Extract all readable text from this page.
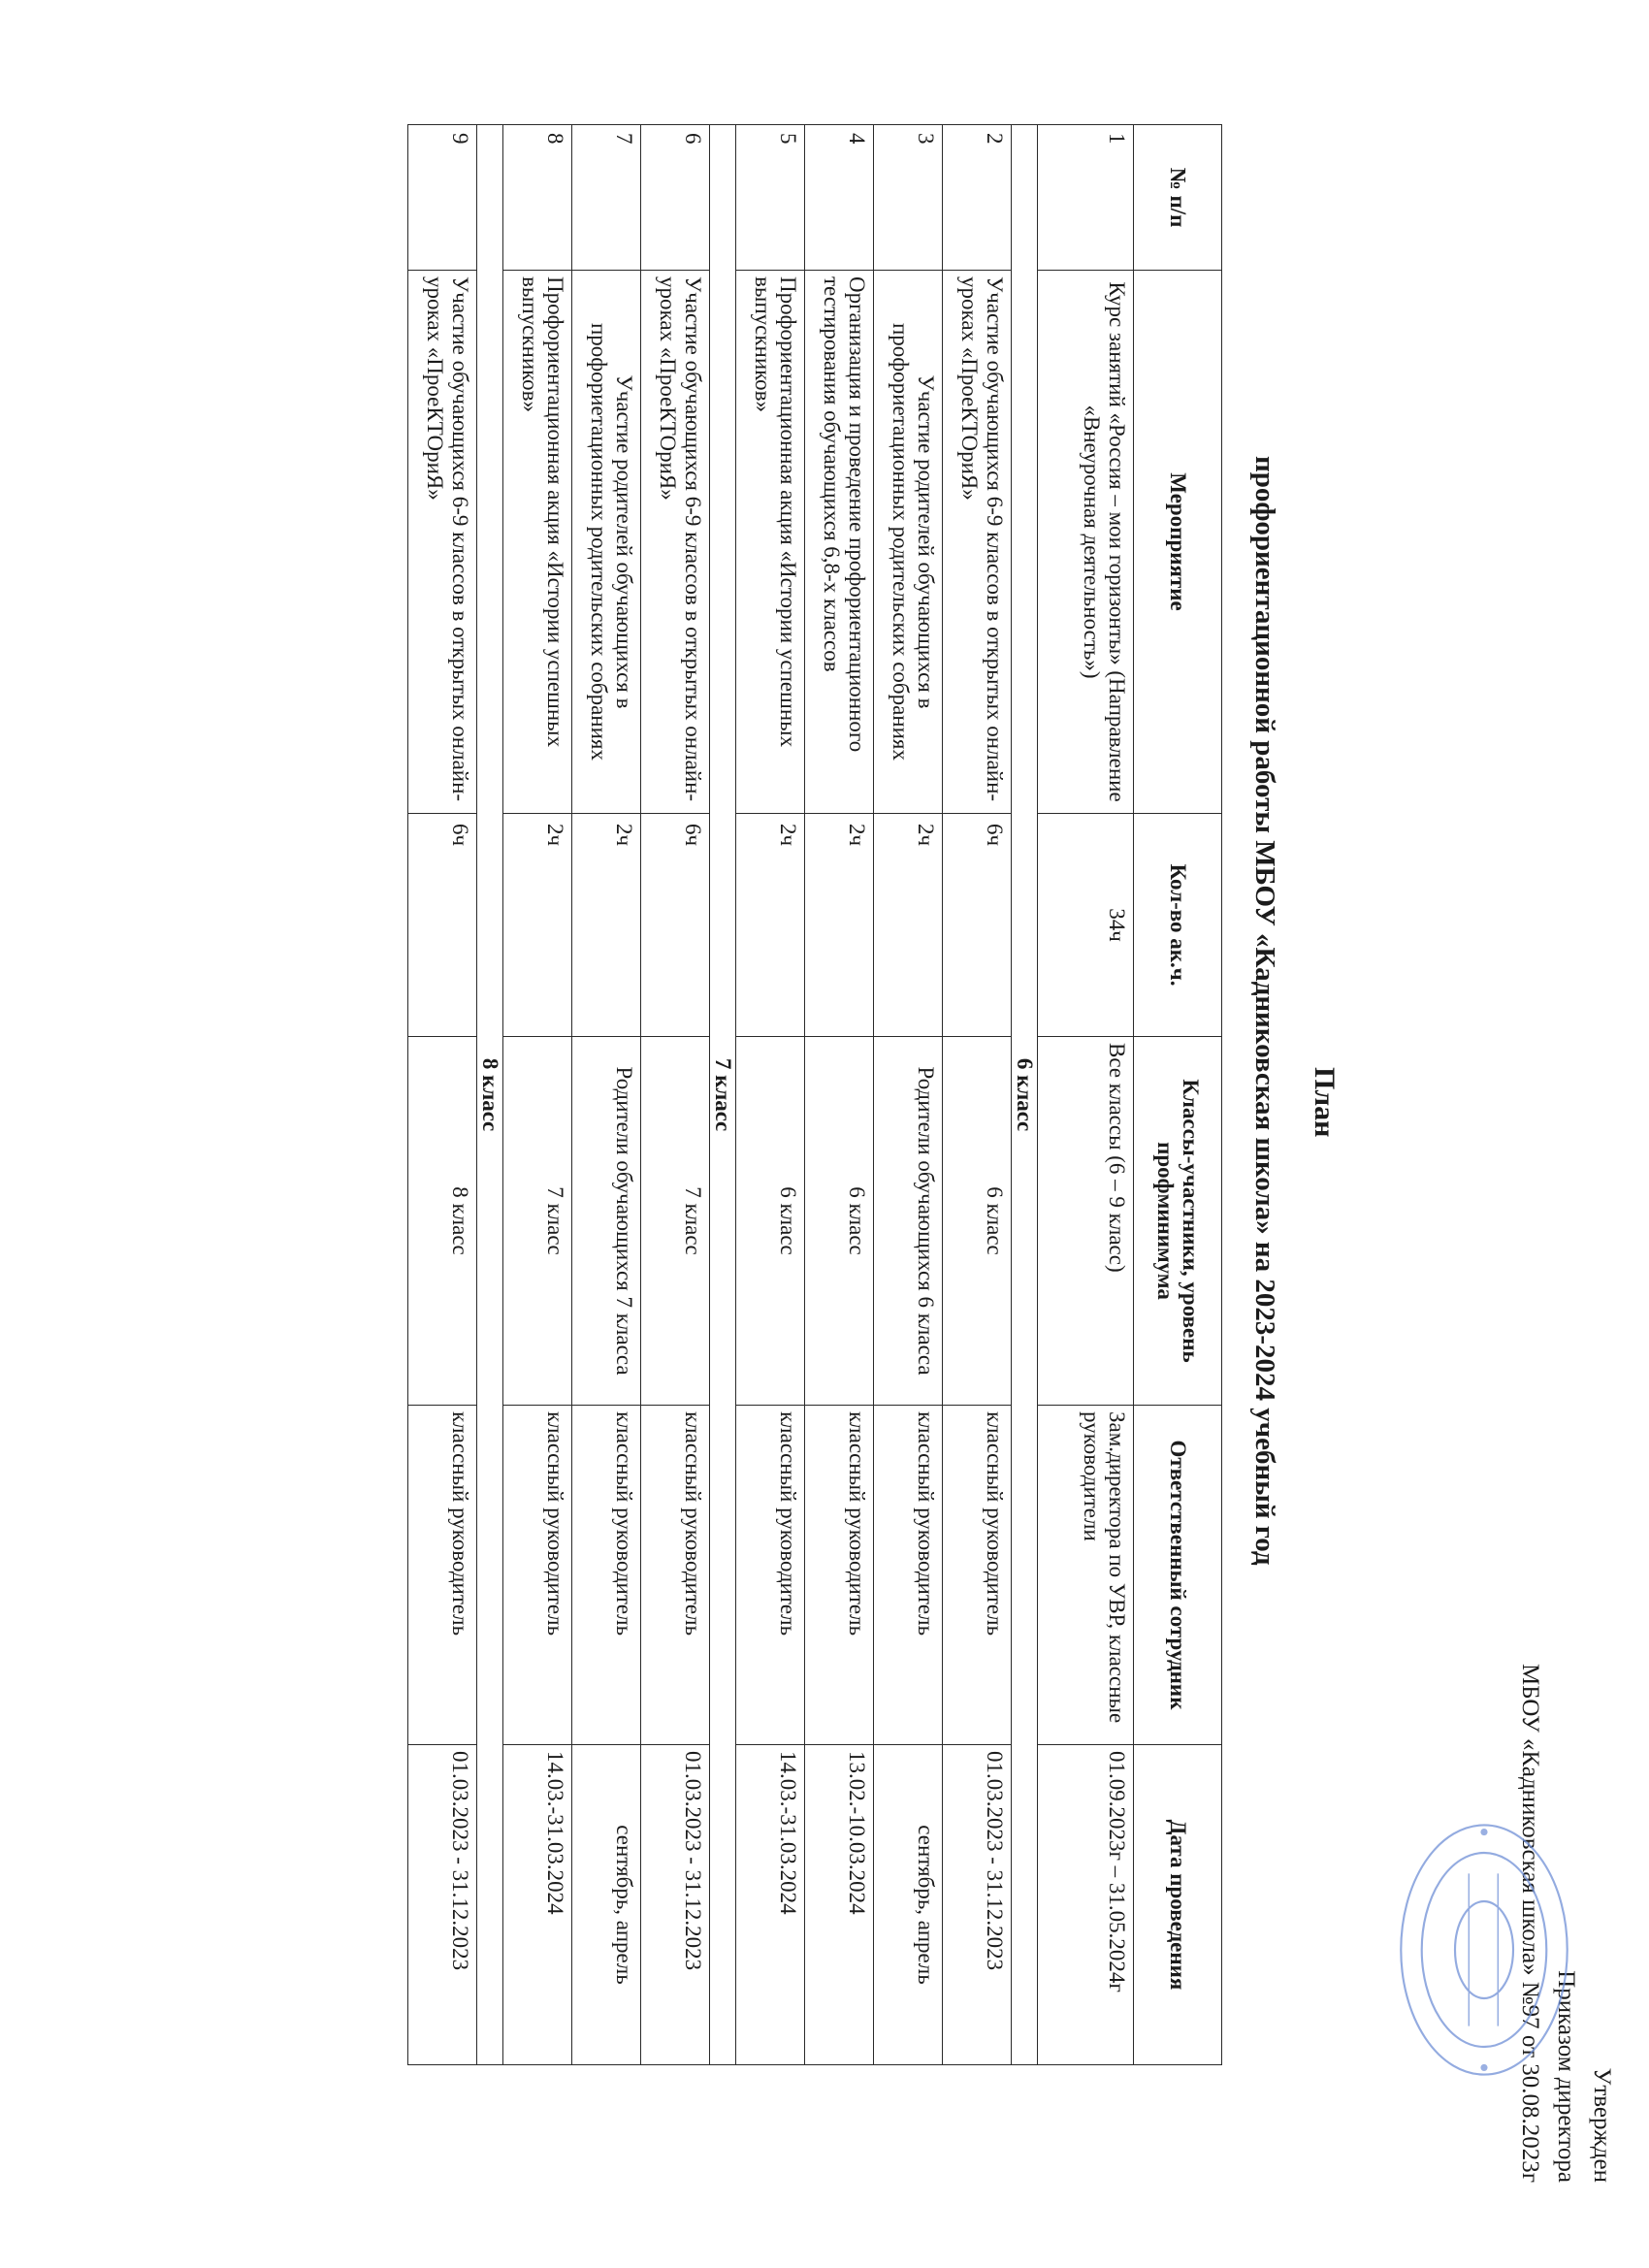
Утвержден
Приказом директора
МБОУ «Кадниковская школа» №97 от 30.08.2023г
План
профориентационной работы МБОУ «Кадниковская школа» на 2023-2024 учебный год
№ п/п	Мероприятие	Кол-во ак.ч.	Классы-участники, уровень профминимума	Ответственный сотрудник	Дата проведения
1	Курс занятий «Россия – мои горизонты» (Направление «Внеурочная деятельность»)	34ч	Все классы (6 – 9 класс)	Зам.директора по УВР, классные руководители	01.09.2023г – 31.05.2024г
6 класс					
2	Участие обучающихся 6-9 классов в открытых онлайн-уроках «ПроеКТОриЯ»	6ч	6 класс	классный руководитель	01.03.2023 - 31.12.2023
3	Участие родителей обучающихся в профориетационных родительских собраниях	2ч	Родители обучающихся 6 класса	классный руководитель	сентябрь, апрель
4	Организация и проведение профориентационного тестирования обучающихся 6,8-х классов	2ч	6 класс	классный руководитель	13.02.-10.03.2024
5	Профориентационная акция «Истории успешных выпускников»	2ч	6 класс	классный руководитель	14.03.-31.03.2024
7 класс					
6	Участие обучающихся 6-9 классов в открытых онлайн-уроках «ПроеКТОриЯ»	6ч	7 класс	классный руководитель	01.03.2023 - 31.12.2023
7	Участие родителей обучающихся в профориетационных родительских собраниях	2ч	Родители обучающихся 7 класса	классный руководитель	сентябрь, апрель
8	Профориентационная акция «Истории успешных выпускников»	2ч	7 класс	классный руководитель	14.03.-31.03.2024
8 класс					
9	Участие обучающихся 6-9 классов в открытых онлайн-уроках «ПроеКТОриЯ»	6ч	8 класс	классный руководитель	01.03.2023 - 31.12.2023
